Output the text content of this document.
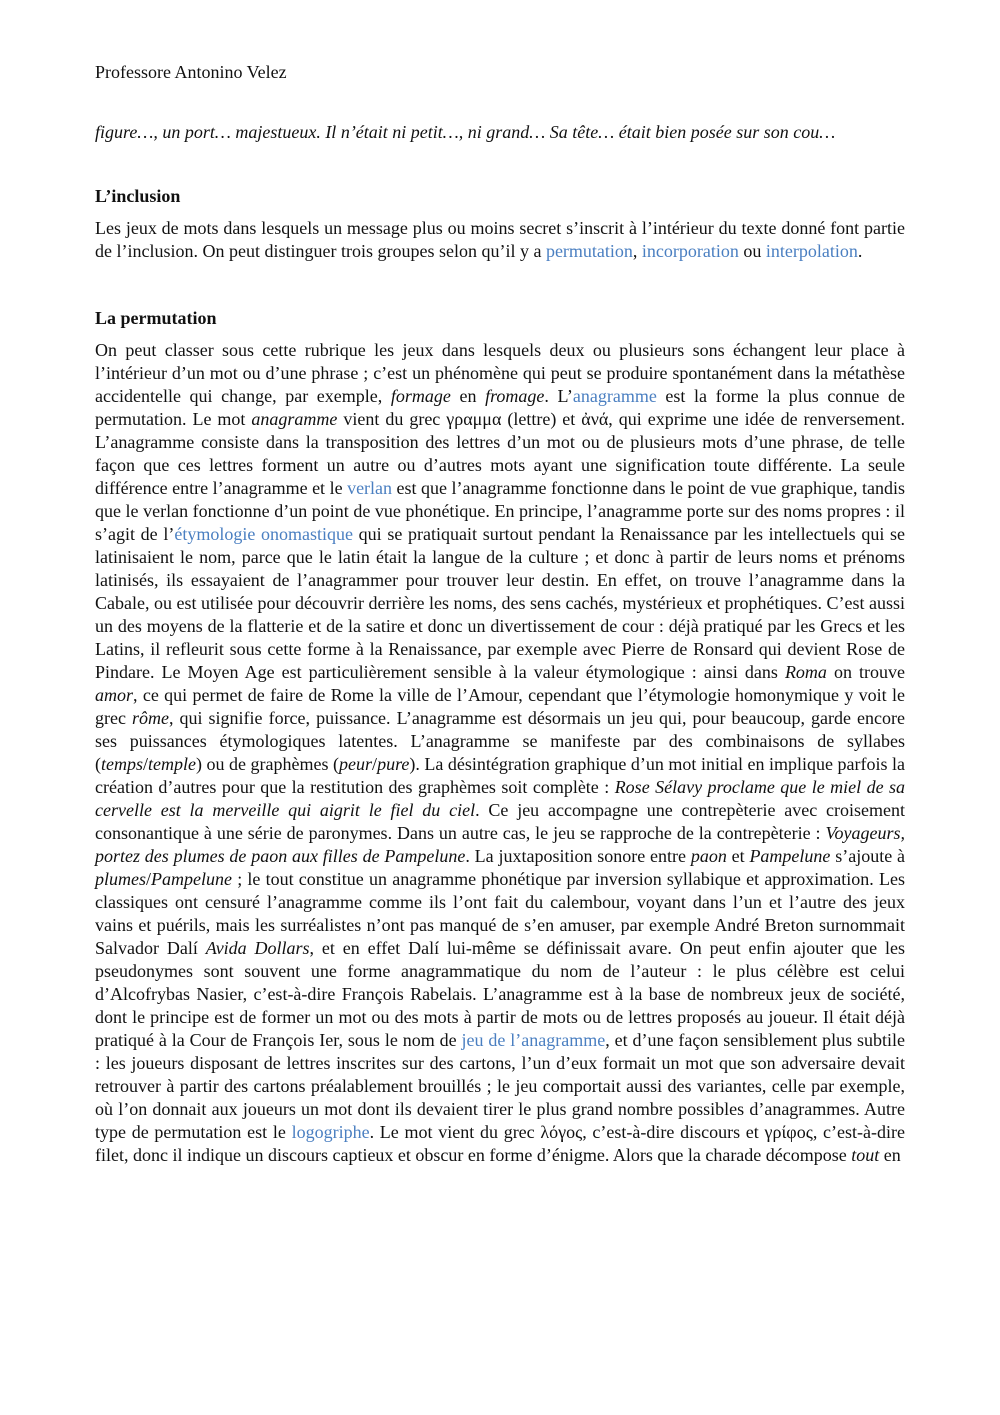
Professore Antonino Velez

figure…, un port… majestueux. Il n’était ni petit…, ni grand… Sa tête… était bien posée sur son cou…

L’inclusion

Les jeux de mots dans lesquels un message plus ou moins secret s’inscrit à l’intérieur du texte donné font partie de l’inclusion. On peut distinguer trois groupes selon qu’il y a permutation, incorporation ou interpolation.

La permutation

On peut classer sous cette rubrique les jeux dans lesquels deux ou plusieurs sons échangent leur place à l’intérieur d’un mot ou d’une phrase ; c’est un phénomène qui peut se produire spontanément dans la métathèse accidentelle qui change, par exemple, formage en fromage. L’anagramme est la forme la plus connue de permutation. Le mot anagramme vient du grec γραμμα (lettre) et ἀνά, qui exprime une idée de renversement. L’anagramme consiste dans la transposition des lettres d’un mot ou de plusieurs mots d’une phrase, de telle façon que ces lettres forment un autre ou d’autres mots ayant une signification toute différente. La seule différence entre l’anagramme et le verlan est que l’anagramme fonctionne dans le point de vue graphique, tandis que le verlan fonctionne d’un point de vue phonétique. En principe, l’anagramme porte sur des noms propres : il s’agit de l’étymologie onomastique qui se pratiquait surtout pendant la Renaissance par les intellectuels qui se latinisaient le nom, parce que le latin était la langue de la culture ; et donc à partir de leurs noms et prénoms latinisés, ils essayaient de l’anagrammer pour trouver leur destin. En effet, on trouve l’anagramme dans la Cabale, ou est utilisée pour découvrir derrière les noms, des sens cachés, mystérieux et prophétiques. C’est aussi un des moyens de la flatterie et de la satire et donc un divertissement de cour : déjà pratiqué par les Grecs et les Latins, il refleurit sous cette forme à la Renaissance, par exemple avec Pierre de Ronsard qui devient Rose de Pindare. Le Moyen Age est particulièrement sensible à la valeur étymologique : ainsi dans Roma on trouve amor, ce qui permet de faire de Rome la ville de l’Amour, cependant que l’étymologie homonymique y voit le grec rôme, qui signifie force, puissance. L’anagramme est désormais un jeu qui, pour beaucoup, garde encore ses puissances étymologiques latentes. L’anagramme se manifeste par des combinaisons de syllabes (temps/temple) ou de graphèmes (peur/pure). La désintégration graphique d’un mot initial en implique parfois la création d’autres pour que la restitution des graphèmes soit complète : Rose Sélavy proclame que le miel de sa cervelle est la merveille qui aigrit le fiel du ciel. Ce jeu accompagne une contrepèterie avec croisement consonantique à une série de paronymes. Dans un autre cas, le jeu se rapproche de la contrepèterie : Voyageurs, portez des plumes de paon aux filles de Pampelune. La juxtaposition sonore entre paon et Pampelune s’ajoute à plumes/Pampelune ; le tout constitue un anagramme phonétique par inversion syllabique et approximation. Les classiques ont censuré l’anagramme comme ils l’ont fait du calembour, voyant dans l’un et l’autre des jeux vains et puérils, mais les surréalistes n’ont pas manqué de s’en amuser, par exemple André Breton surnommait Salvador Dalí Avida Dollars, et en effet Dalí lui-même se définissait avare. On peut enfin ajouter que les pseudonymes sont souvent une forme anagrammatique du nom de l’auteur : le plus célèbre est celui d’Alcofrybas Nasier, c’est-à-dire François Rabelais. L’anagramme est à la base de nombreux jeux de société, dont le principe est de former un mot ou des mots à partir de mots ou de lettres proposés au joueur. Il était déjà pratiqué à la Cour de François Ier, sous le nom de jeu de l’anagramme, et d’une façon sensiblement plus subtile : les joueurs disposant de lettres inscrites sur des cartons, l’un d’eux formait un mot que son adversaire devait retrouver à partir des cartons préalablement brouillés ; le jeu comportait aussi des variantes, celle par exemple, où l’on donnait aux joueurs un mot dont ils devaient tirer le plus grand nombre possibles d’anagrammes. Autre type de permutation est le logogriphe. Le mot vient du grec λόγος, c’est-à-dire discours et γρίφος, c’est-à-dire filet, donc il indique un discours captieux et obscur en forme d’énigme. Alors que la charade décompose tout en
